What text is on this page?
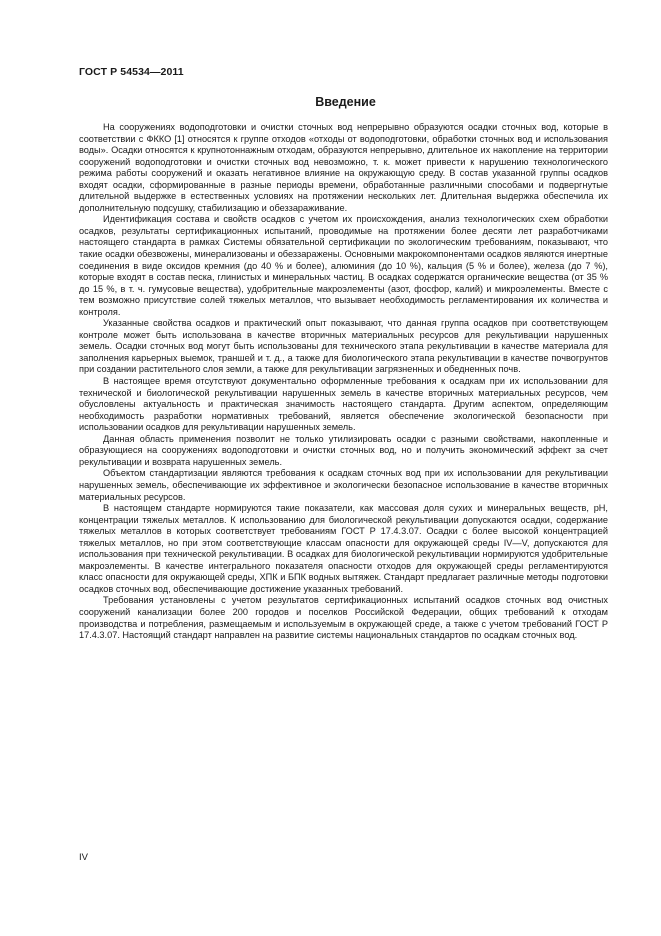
ГОСТ Р 54534—2011
Введение

На сооружениях водоподготовки и очистки сточных вод непрерывно образуются осадки сточных вод, которые в соответствии с ФККО [1] относятся к группе отходов «отходы от водоподготовки, обработки сточных вод и использования воды». Осадки относятся к крупнотоннажным отходам, образуются непрерывно, длительное их накопление на территории сооружений водоподготовки и очистки сточных вод невозможно, т. к. может привести к нарушению технологического режима работы сооружений и оказать негативное влияние на окружающую среду. В состав указанной группы осадков входят осадки, сформированные в разные периоды времени, обработанные различными способами и подвергнутые длительной выдержке в естественных условиях на протяжении нескольких лет. Длительная выдержка обеспечила их дополнительную подсушку, стабилизацию и обеззараживание.

Идентификация состава и свойств осадков с учетом их происхождения, анализ технологических схем обработки осадков, результаты сертификационных испытаний, проводимые на протяжении более десяти лет разработчиками настоящего стандарта в рамках Системы обязательной сертификации по экологическим требованиям, показывают, что такие осадки обезвожены, минерализованы и обеззаражены. Основными макрокомпонентами осадков являются инертные соединения в виде оксидов кремния (до 40 % и более), алюминия (до 10 %), кальция (5 % и более), железа (до 7 %), которые входят в состав песка, глинистых и минеральных частиц. В осадках содержатся органические вещества (от 35 % до 15 %, в т. ч. гумусовые вещества), удобрительные макроэлементы (азот, фосфор, калий) и микроэлементы. Вместе с тем возможно присутствие солей тяжелых металлов, что вызывает необходимость регламентирования их количества и контроля.

Указанные свойства осадков и практический опыт показывают, что данная группа осадков при соответствующем контроле может быть использована в качестве вторичных материальных ресурсов для рекультивации нарушенных земель. Осадки сточных вод могут быть использованы для технического этапа рекультивации в качестве материала для заполнения карьерных выемок, траншей и т. д., а также для биологического этапа рекультивации в качестве почвогрунтов при создании растительного слоя земли, а также для рекультивации загрязненных и обедненных почв.

В настоящее время отсутствуют документально оформленные требования к осадкам при их использовании для технической и биологической рекультивации нарушенных земель в качестве вторичных материальных ресурсов, чем обусловлены актуальность и практическая значимость настоящего стандарта. Другим аспектом, определяющим необходимость разработки нормативных требований, является обеспечение экологической безопасности при использовании осадков для рекультивации нарушенных земель.

Данная область применения позволит не только утилизировать осадки с разными свойствами, накопленные и образующиеся на сооружениях водоподготовки и очистки сточных вод, но и получить экономический эффект за счет рекультивации и возврата нарушенных земель.

Объектом стандартизации являются требования к осадкам сточных вод при их использовании для рекультивации нарушенных земель, обеспечивающие их эффективное и экологически безопасное использование в качестве вторичных материальных ресурсов.

В настоящем стандарте нормируются такие показатели, как массовая доля сухих и минеральных веществ, pH, концентрации тяжелых металлов. К использованию для биологической рекультивации допускаются осадки, содержание тяжелых металлов в которых соответствует требованиям ГОСТ Р 17.4.3.07. Осадки с более высокой концентрацией тяжелых металлов, но при этом соответствующие классам опасности для окружающей среды IV—V, допускаются для использования при технической рекультивации. В осадках для биологической рекультивации нормируются удобрительные макроэлементы. В качестве интегрального показателя опасности отходов для окружающей среды регламентируются класс опасности для окружающей среды, ХПК и БПК водных вытяжек. Стандарт предлагает различные методы подготовки осадков сточных вод, обеспечивающие достижение указанных требований.

Требования установлены с учетом результатов сертификационных испытаний осадков сточных вод очистных сооружений канализации более 200 городов и поселков Российской Федерации, общих требований к отходам производства и потребления, размещаемым и используемым в окружающей среде, а также с учетом требований ГОСТ Р 17.4.3.07. Настоящий стандарт направлен на развитие системы национальных стандартов по осадкам сточных вод.

IV
